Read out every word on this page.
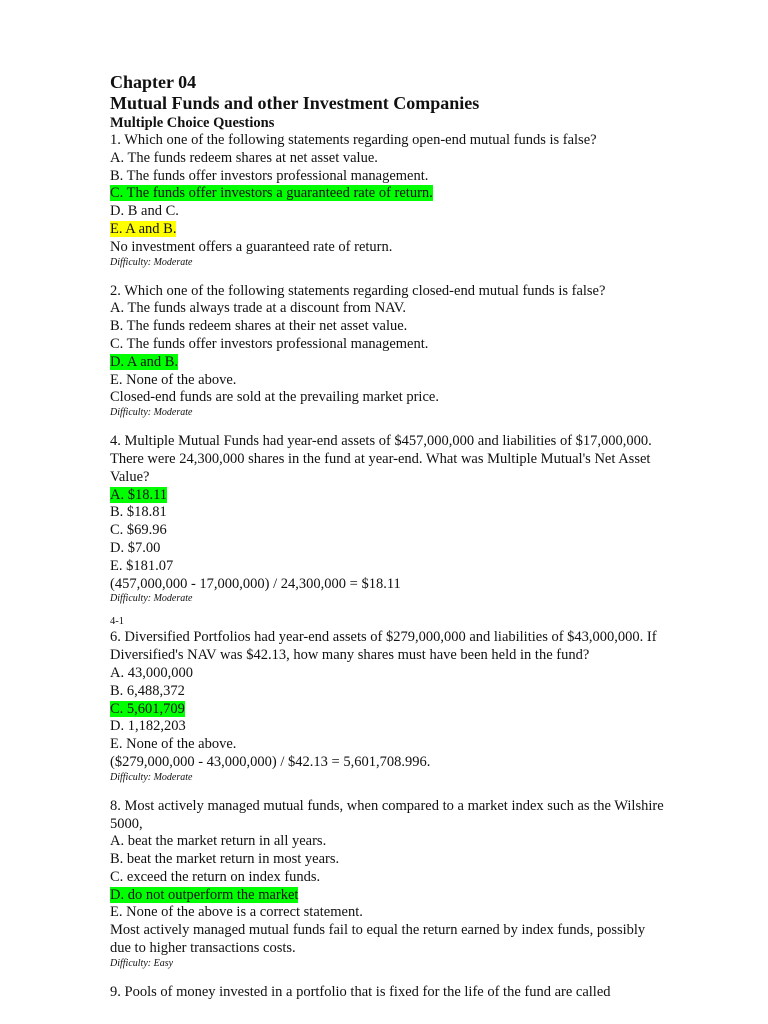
Chapter 04
Mutual Funds and other Investment Companies
Multiple Choice Questions
1. Which one of the following statements regarding open-end mutual funds is false?
A. The funds redeem shares at net asset value.
B. The funds offer investors professional management.
C. The funds offer investors a guaranteed rate of return.
D. B and C.
E. A and B.
No investment offers a guaranteed rate of return.
Difficulty: Moderate
2. Which one of the following statements regarding closed-end mutual funds is false?
A. The funds always trade at a discount from NAV.
B. The funds redeem shares at their net asset value.
C. The funds offer investors professional management.
D. A and B.
E. None of the above.
Closed-end funds are sold at the prevailing market price.
Difficulty: Moderate
4. Multiple Mutual Funds had year-end assets of $457,000,000 and liabilities of $17,000,000.
There were 24,300,000 shares in the fund at year-end. What was Multiple Mutual's Net Asset
Value?
A. $18.11
B. $18.81
C. $69.96
D. $7.00
E. $181.07
(457,000,000 - 17,000,000) / 24,300,000 = $18.11
Difficulty: Moderate
4-1
6. Diversified Portfolios had year-end assets of $279,000,000 and liabilities of $43,000,000. If
Diversified's NAV was $42.13, how many shares must have been held in the fund?
A. 43,000,000
B. 6,488,372
C. 5,601,709
D. 1,182,203
E. None of the above.
($279,000,000 - 43,000,000) / $42.13 = 5,601,708.996.
Difficulty: Moderate
8. Most actively managed mutual funds, when compared to a market index such as the Wilshire
5000,
A. beat the market return in all years.
B. beat the market return in most years.
C. exceed the return on index funds.
D. do not outperform the market
E. None of the above is a correct statement.
Most actively managed mutual funds fail to equal the return earned by index funds, possibly
due to higher transactions costs.
Difficulty: Easy
9. Pools of money invested in a portfolio that is fixed for the life of the fund are called
